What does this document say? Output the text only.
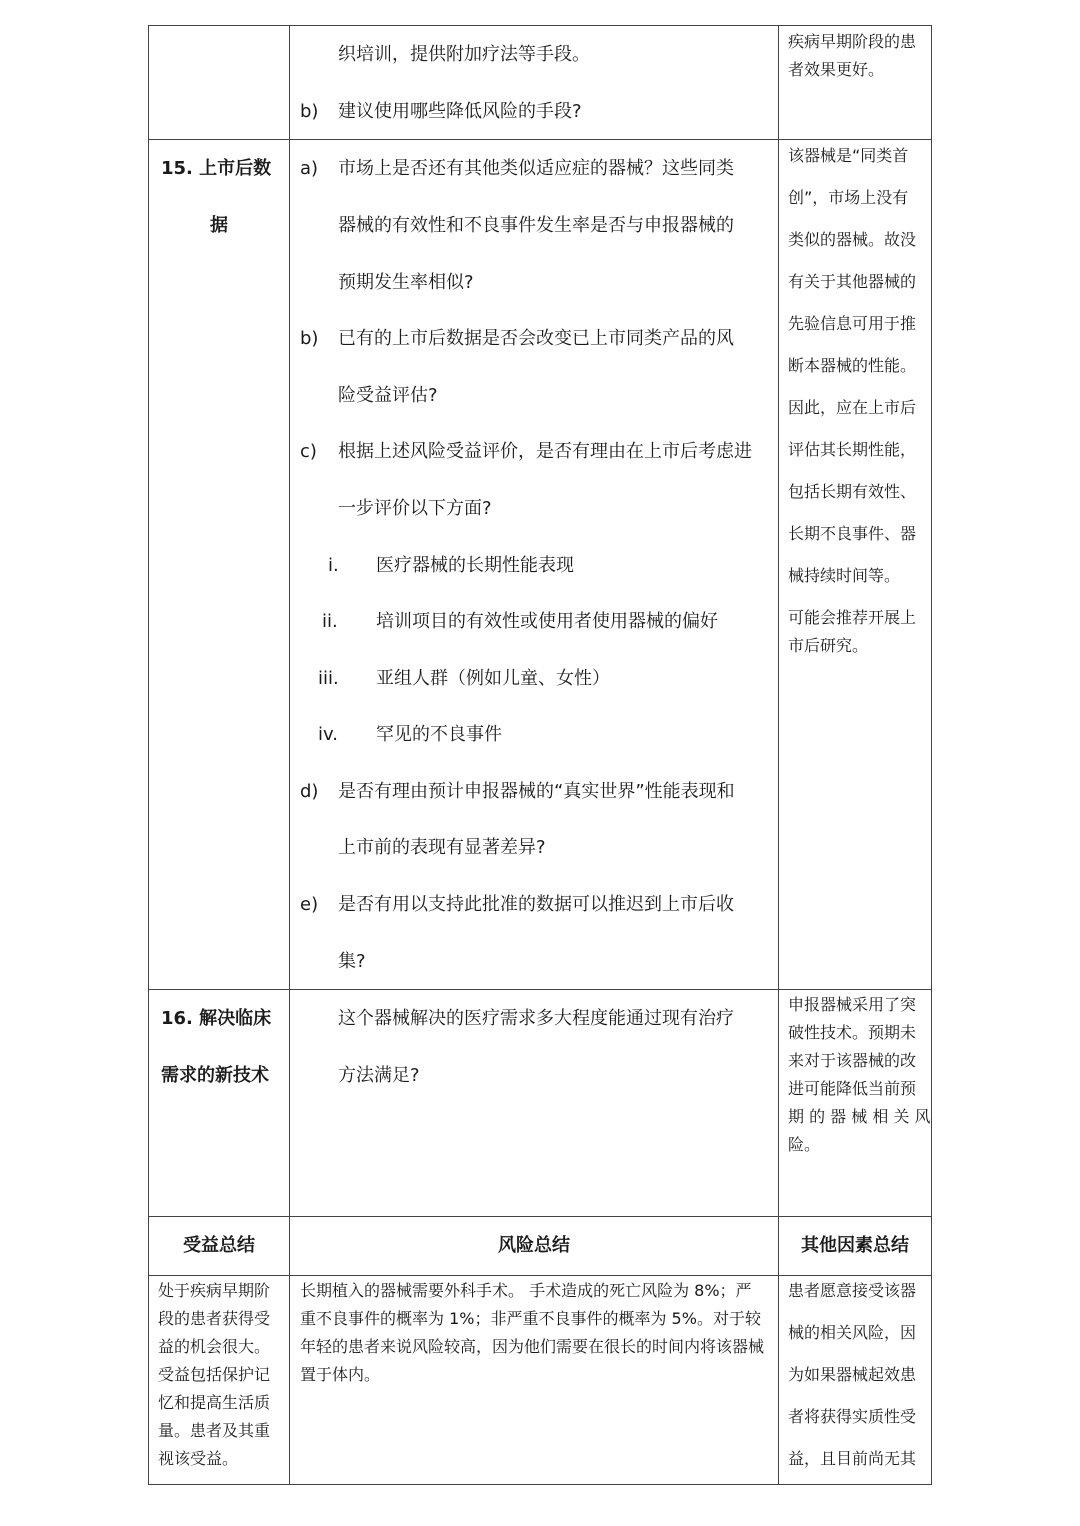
织培训，提供附加疗法等手段。
b) 建议使用哪些降低风险的手段?
疾病早期阶段的患
者效果更好。
15. 上市后数
据
a) 市场上是否还有其他类似适应症的器械？这些同类
器械的有效性和不良事件发生率是否与申报器械的
预期发生率相似?
b) 已有的上市后数据是否会改变已上市同类产品的风
险受益评估?
c) 根据上述风险受益评价，是否有理由在上市后考虑进
一步评价以下方面?
i. 医疗器械的长期性能表现
ii. 培训项目的有效性或使用者使用器械的偏好
iii. 亚组人群（例如儿童、女性）
iv. 罕见的不良事件
d) 是否有理由预计申报器械的“真实世界”性能表现和
上市前的表现有显著差异?
e) 是否有用以支持此批准的数据可以推迟到上市后收
集?
该器械是“同类首
创”，市场上没有
类似的器械。故没
有关于其他器械的
先验信息可用于推
断本器械的性能。
因此，应在上市后
评估其长期性能，
包括长期有效性、
长期不良事件、器
械持续时间等。
可能会推荐开展上
市后研究。
16. 解决临床
需求的新技术
这个器械解决的医疗需求多大程度能通过现有治疗
方法满足?
申报器械采用了突
破性技术。预期未
来对于该器械的改
进可能降低当前预
期 的 器 械 相 关 风
险。
受益总结	风险总结	其他因素总结
处于疾病早期阶
段的患者获得受
益的机会很大。
受益包括保护记
忆和提高生活质
量。患者及其重
视该受益。
长期植入的器械需要外科手术。 手术造成的死亡风险为 8%；严
重不良事件的概率为 1%；非严重不良事件的概率为 5%。对于较
年轻的患者来说风险较高，因为他们需要在很长的时间内将该器械
置于体内。
患者愿意接受该器
械的相关风险，因
为如果器械起效患
者将获得实质性受
益，且目前尚无其
